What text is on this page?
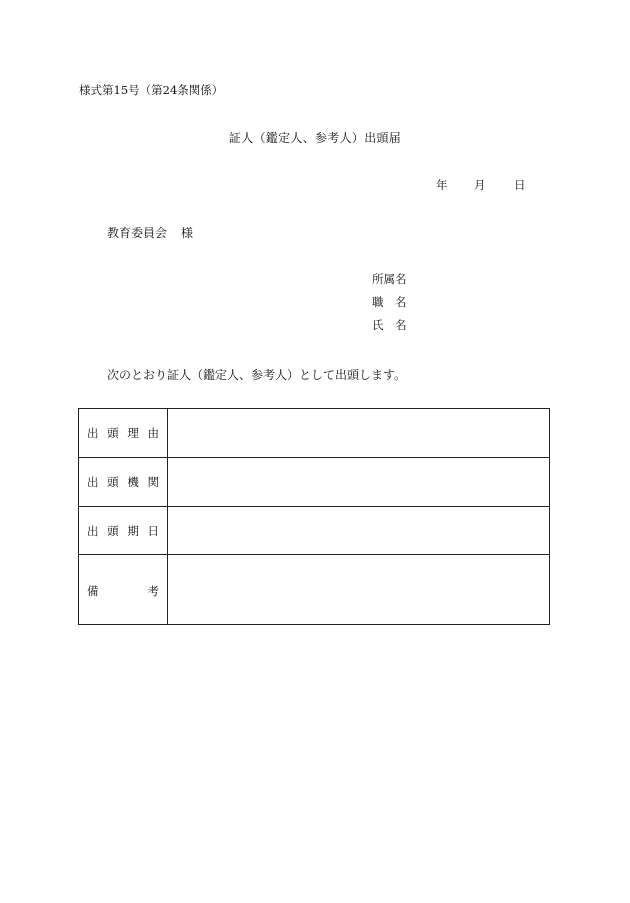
様式第15号（第24条関係）
証人（鑑定人、参考人）出頭届
年	月	日
教育委員会 様
所属名
職　名
氏　名
次のとおり証人（鑑定人、参考人）として出頭します。
出 頭 理 由	

出 頭 機 関	

出 頭 期 日	

備 考	
